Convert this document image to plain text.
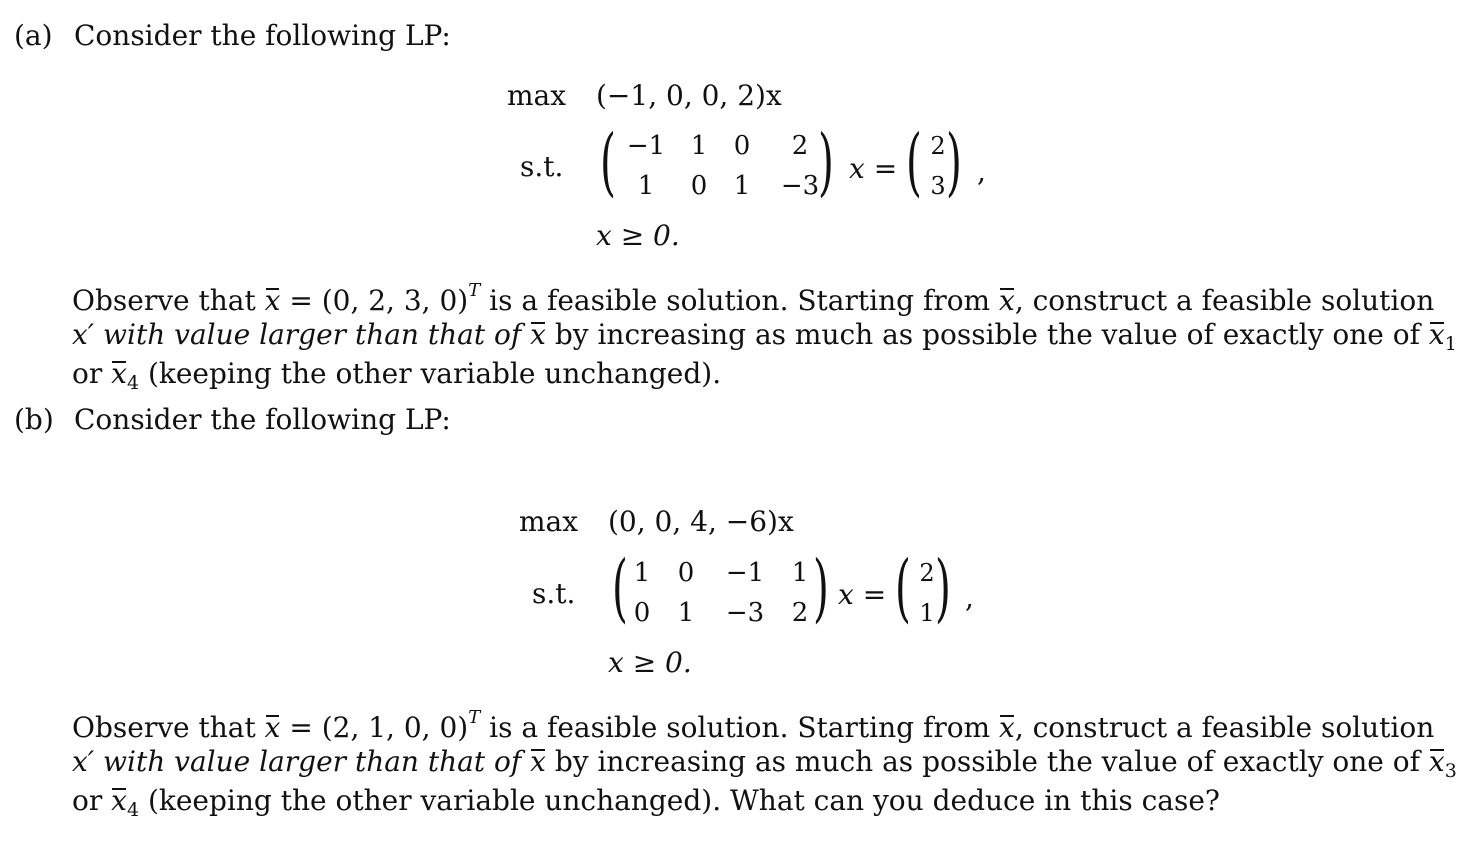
(a) Consider the following LP:
max (−1, 0, 0, 2)x
s.t. ( −1 1	0	2
1	0	1	−3
) x = ( 2
3 ) ,
x ≥ 0.
Observe that x = (0, 2, 3, 0)$^T$ is a feasible solution. Starting from x, construct a feasible solution
x′ with value larger than that of x by increasing as much as possible the value of exactly one of $x_1$
or $x_4$ (keeping the other variable unchanged).
(b) Consider the following LP:
max (0, 0, 4, −6)x
s.t. ( 1	0	−1	1
0	1	−3	2 ) x = ( 2
1 ) ,
x ≥ 0.
Observe that x = (2, 1, 0, 0)$^T$ is a feasible solution. Starting from x, construct a feasible solution
x′ with value larger than that of x by increasing as much as possible the value of exactly one of $x_3$
or $x_4$ (keeping the other variable unchanged). What can you deduce in this case?
